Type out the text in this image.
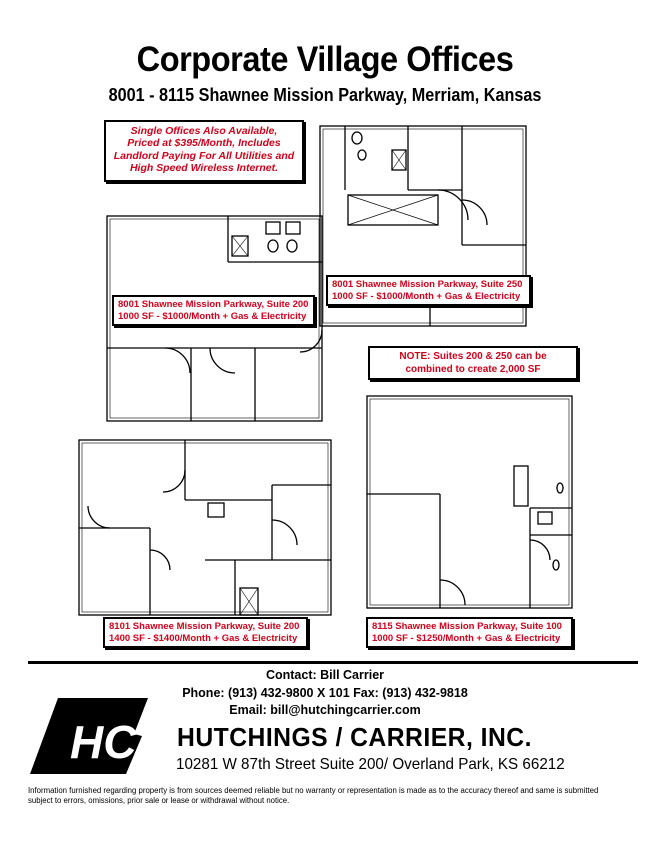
Corporate Village Offices
8001 - 8115 Shawnee Mission Parkway, Merriam, Kansas
Single Offices Also Available,
Priced at $395/Month, Includes
Landlord Paying For All Utilities and
High Speed Wireless Internet.
8001 Shawnee Mission Parkway, Suite 250
1000 SF - $1000/Month + Gas & Electricity
8001 Shawnee Mission Parkway, Suite 200
1000 SF - $1000/Month + Gas & Electricity
NOTE: Suites 200 & 250 can be
combined to create 2,000 SF
8101 Shawnee Mission Parkway, Suite 200
1400 SF - $1400/Month + Gas & Electricity
8115 Shawnee Mission Parkway, Suite 100
1000 SF - $1250/Month + Gas & Electricity
Contact: Bill Carrier
Phone: (913) 432-9800 X 101 Fax: (913) 432-9818
Email: bill@hutchingcarrier.com
HC HUTCHINGS / CARRIER, INC.
10281 W 87th Street Suite 200/ Overland Park, KS 66212
Information furnished regarding property is from sources deemed reliable but no warranty or representation is made as to the accuracy thereof and same is submitted subject to errors, omissions, prior sale or lease or withdrawal without notice.
